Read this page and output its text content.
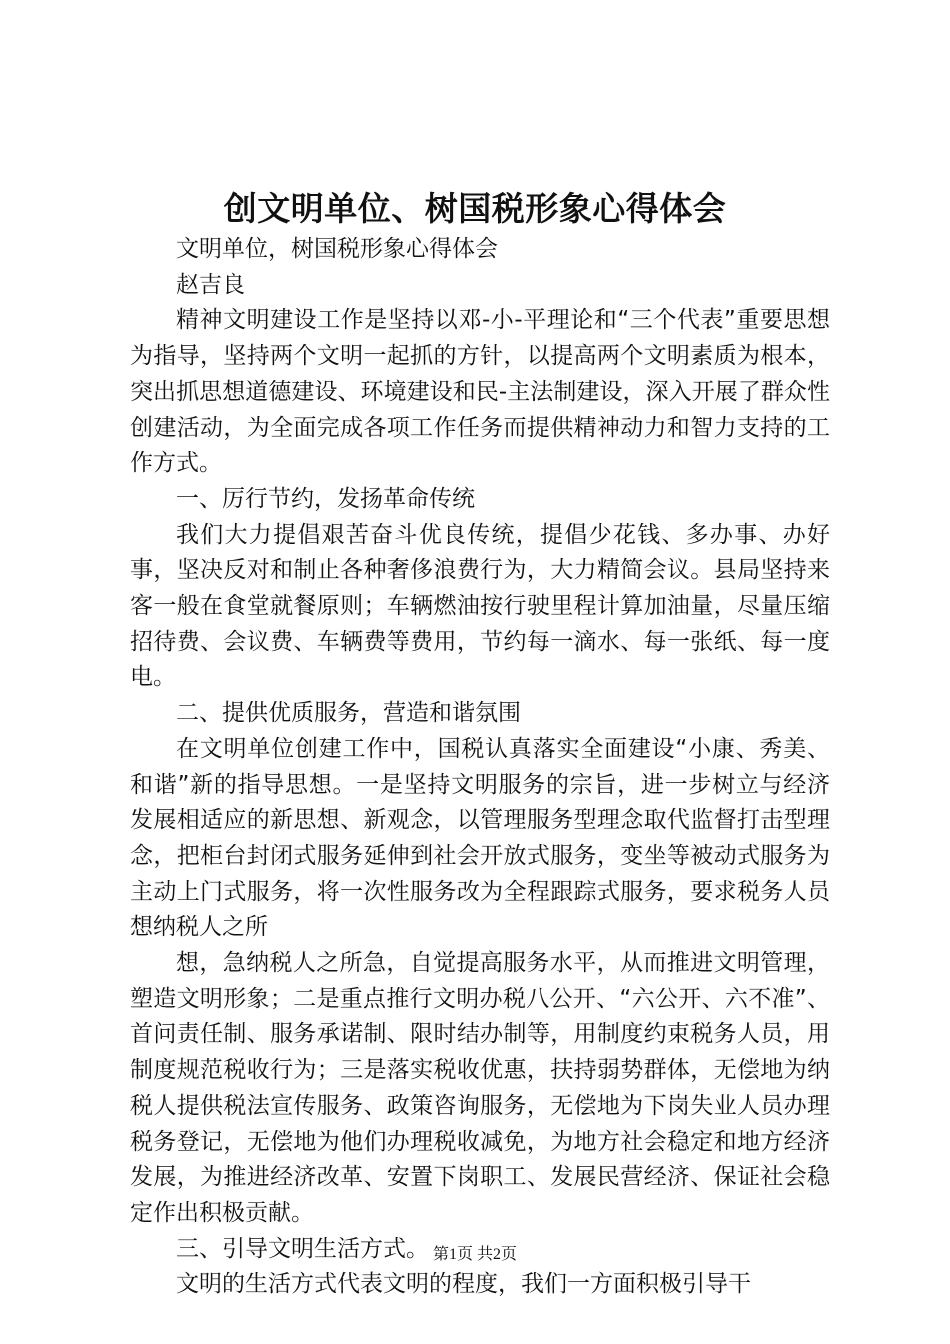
创文明单位、树国税形象心得体会

文明单位，树国税形象心得体会

赵吉良

精神文明建设工作是坚持以邓-小-平理论和“三个代表”重要思想为指导，坚持两个文明一起抓的方针，以提高两个文明素质为根本，突出抓思想道德建设、环境建设和民-主法制建设，深入开展了群众性创建活动，为全面完成各项工作任务而提供精神动力和智力支持的工作方式。

一、厉行节约，发扬革命传统

我们大力提倡艰苦奋斗优良传统，提倡少花钱、多办事、办好事，坚决反对和制止各种奢侈浪费行为，大力精简会议。县局坚持来客一般在食堂就餐原则；车辆燃油按行驶里程计算加油量，尽量压缩招待费、会议费、车辆费等费用，节约每一滴水、每一张纸、每一度电。

二、提供优质服务，营造和谐氛围

在文明单位创建工作中，国税认真落实全面建设“小康、秀美、和谐”新的指导思想。一是坚持文明服务的宗旨，进一步树立与经济发展相适应的新思想、新观念，以管理服务型理念取代监督打击型理念，把柜台封闭式服务延伸到社会开放式服务，变坐等被动式服务为主动上门式服务，将一次性服务改为全程跟踪式服务，要求税务人员想纳税人之所

想，急纳税人之所急，自觉提高服务水平，从而推进文明管理，塑造文明形象；二是重点推行文明办税八公开、“六公开、六不准”、首问责任制、服务承诺制、限时结办制等，用制度约束税务人员，用制度规范税收行为；三是落实税收优惠，扶持弱势群体，无偿地为纳税人提供税法宣传服务、政策咨询服务，无偿地为下岗失业人员办理税务登记，无偿地为他们办理税收减免，为地方社会稳定和地方经济发展，为推进经济改革、安置下岗职工、发展民营经济、保证社会稳定作出积极贡献。

三、引导文明生活方式。

文明的生活方式代表文明的程度，我们一方面积极引导干

第1页 共2页
